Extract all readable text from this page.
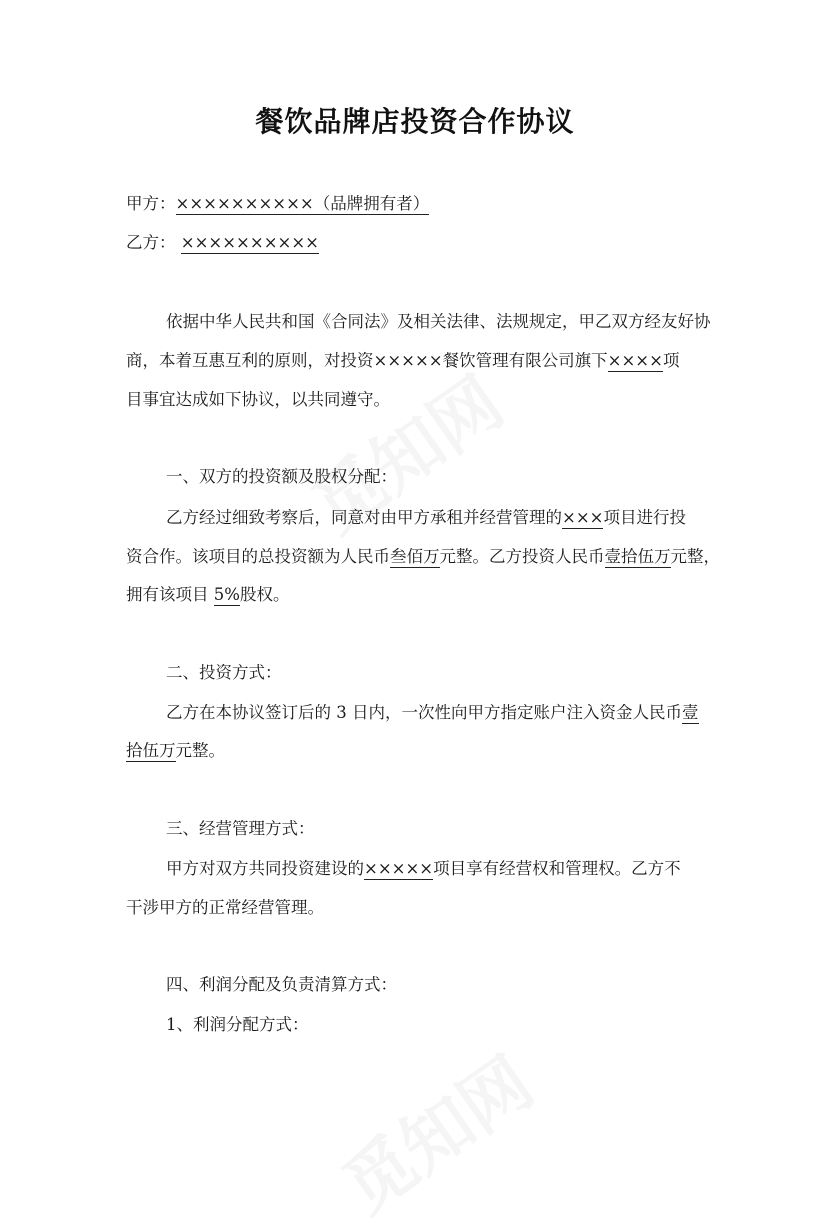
餐饮品牌店投资合作协议
甲方：××××××××××（品牌拥有者）
乙方： ××××××××××
依据中华人民共和国《合同法》及相关法律、法规规定，甲乙双方经友好协
商，本着互惠互利的原则，对投资×××××餐饮管理有限公司旗下××××项
目事宜达成如下协议，以共同遵守。
一、双方的投资额及股权分配：
乙方经过细致考察后，同意对由甲方承租并经营管理的×××项目进行投
资合作。该项目的总投资额为人民币叁佰万元整。乙方投资人民币壹拾伍万元整，
拥有该项目 5%股权。
二、投资方式：
乙方在本协议签订后的 3 日内，一次性向甲方指定账户注入资金人民币壹
拾伍万元整。
三、经营管理方式：
甲方对双方共同投资建设的×××××项目享有经营权和管理权。乙方不
干涉甲方的正常经营管理。
四、利润分配及负责清算方式：
1、利润分配方式：
